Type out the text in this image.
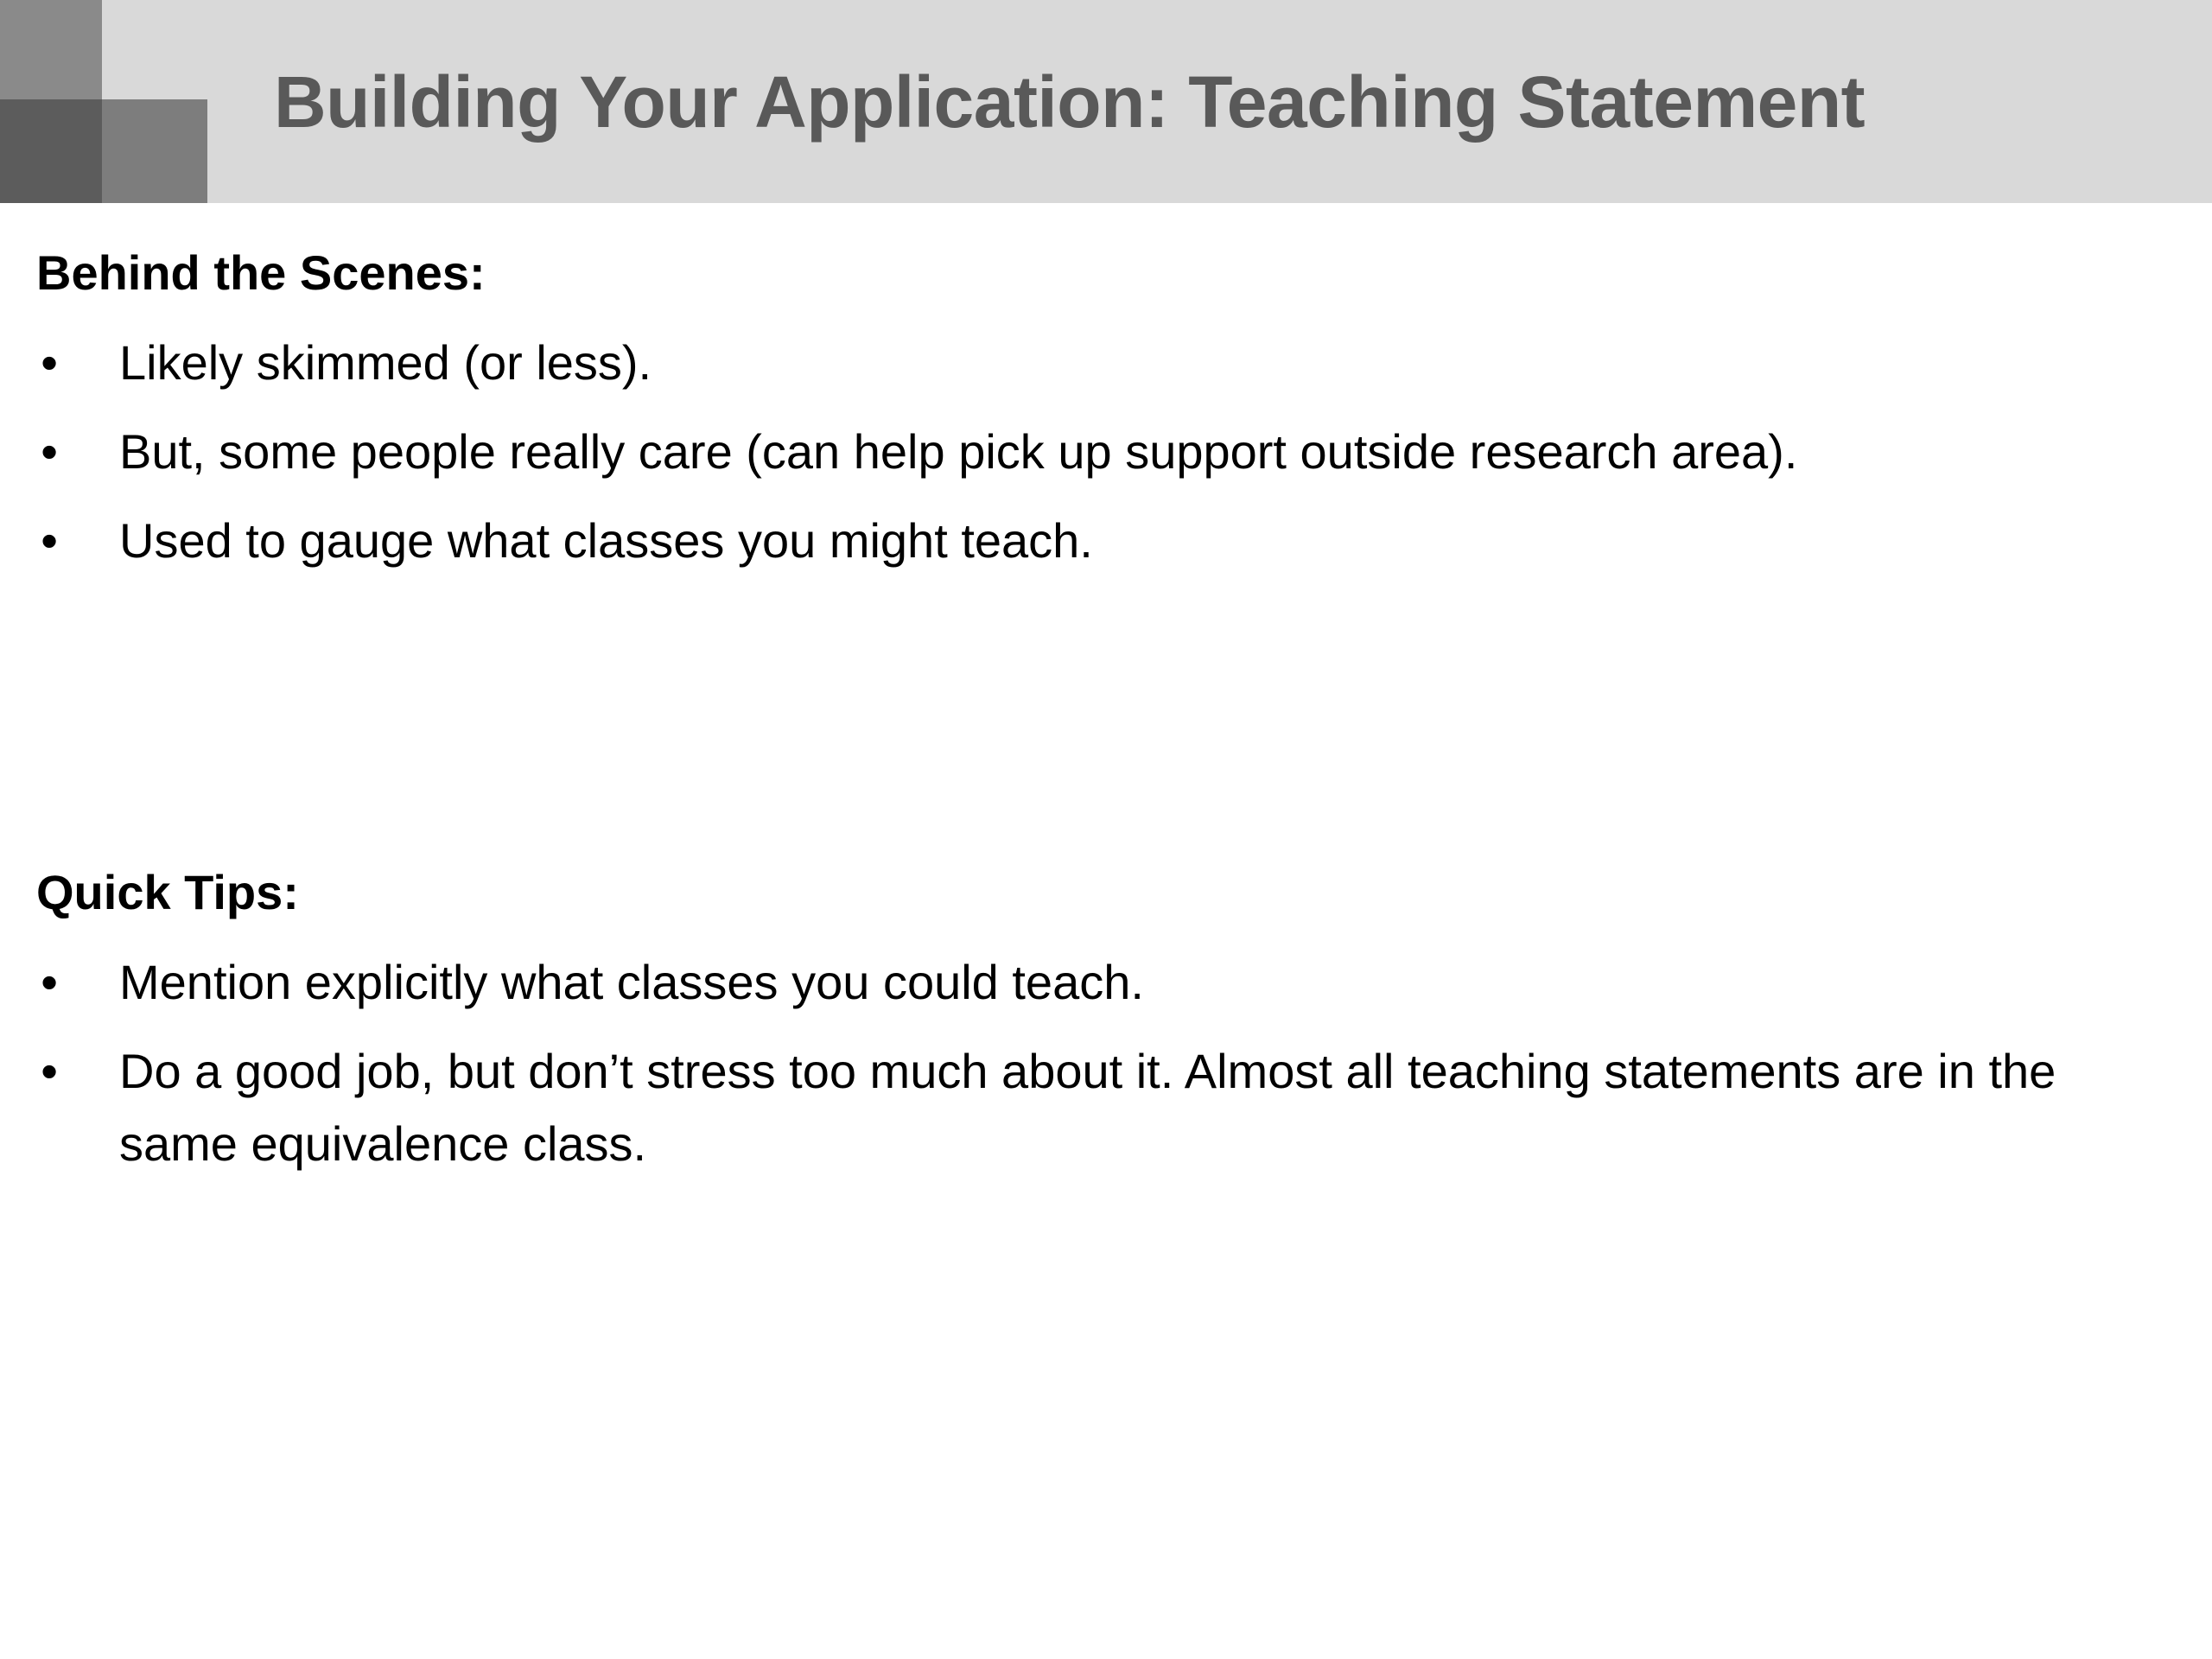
Building Your Application: Teaching Statement
Behind the Scenes:
• Likely skimmed (or less).
• But, some people really care (can help pick up support outside research area).
• Used to gauge what classes you might teach.
Quick Tips:
• Mention explicitly what classes you could teach.
• Do a good job, but don’t stress too much about it. Almost all teaching statements are in the same equivalence class.
